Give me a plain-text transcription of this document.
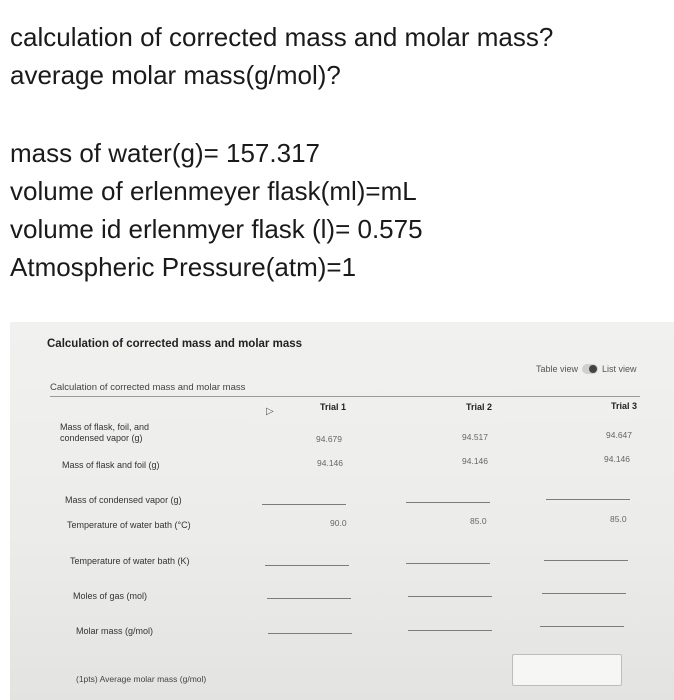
calculation of corrected mass and molar mass?
average molar mass(g/mol)?
mass of water(g)= 157.317
volume of erlenmeyer flask(ml)=mL
volume id erlenmyer flask (l)= 0.575
Atmospheric Pressure(atm)=1
Calculation of corrected mass and molar mass
Table view	List view
Calculation of corrected mass and molar mass
Trial 1	Trial 2	Trial 3
▷
Mass of flask, foil, and
condensed vapor (g)	94.679	94.517	94.647
Mass of flask and foil (g)	94.146	94.146	94.146
Mass of condensed vapor (g)
Temperature of water bath (°C)	90.0	85.0	85.0
Temperature of water bath (K)
Moles of gas (mol)
Molar mass (g/mol)
(1pts) Average molar mass (g/mol)
